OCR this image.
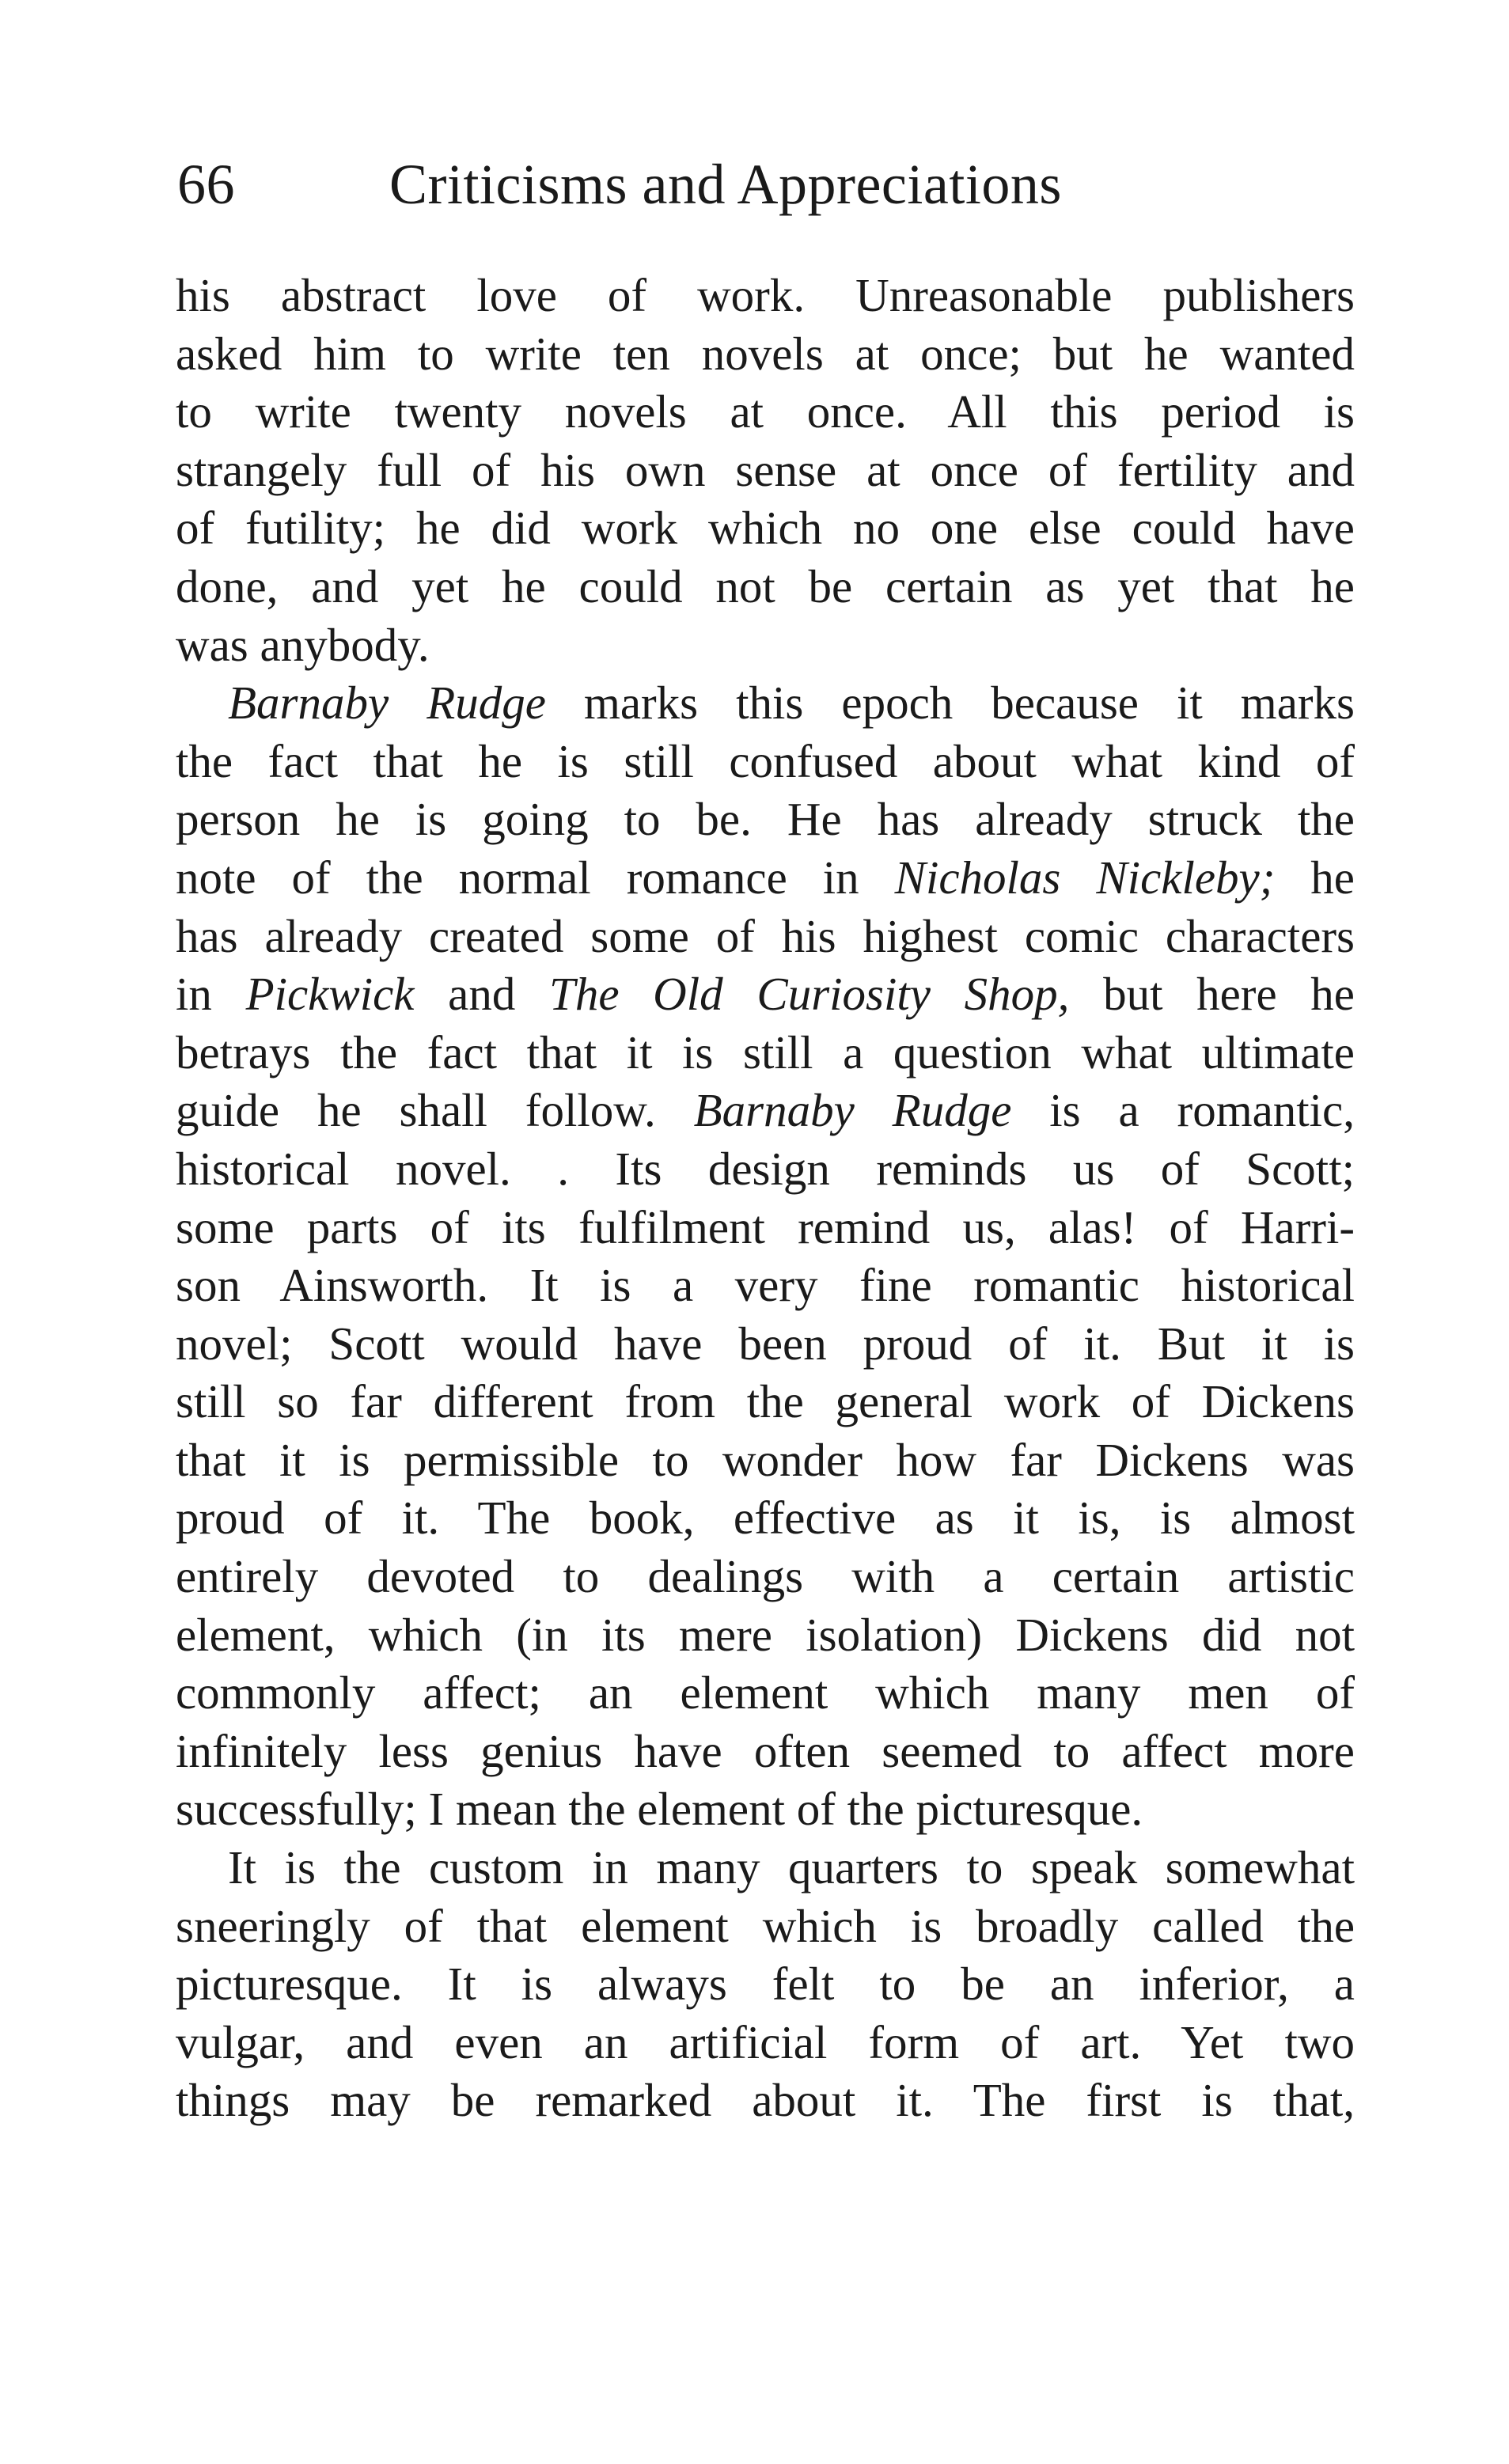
66	Criticisms and Appreciations
his abstract love of work. Unreasonable publishers
asked him to write ten novels at once; but he wanted
to write twenty novels at once. All this period is
strangely full of his own sense at once of fertility and
of futility; he did work which no one else could have
done, and yet he could not be certain as yet that he
was anybody.
Barnaby Rudge marks this epoch because it marks
the fact that he is still confused about what kind of
person he is going to be. He has already struck the
note of the normal romance in Nicholas Nickleby; he
has already created some of his highest comic characters
in Pickwick and The Old Curiosity Shop, but here he
betrays the fact that it is still a question what ultimate
guide he shall follow. Barnaby Rudge is a romantic,
historical novel. . Its design reminds us of Scott;
some parts of its fulfilment remind us, alas! of Harri-
son Ainsworth. It is a very fine romantic historical
novel; Scott would have been proud of it. But it is
still so far different from the general work of Dickens
that it is permissible to wonder how far Dickens was
proud of it. The book, effective as it is, is almost
entirely devoted to dealings with a certain artistic
element, which (in its mere isolation) Dickens did not
commonly affect; an element which many men of
infinitely less genius have often seemed to affect more
successfully; I mean the element of the picturesque.
It is the custom in many quarters to speak somewhat
sneeringly of that element which is broadly called the
picturesque. It is always felt to be an inferior, a
vulgar, and even an artificial form of art. Yet two
things may be remarked about it. The first is that,
